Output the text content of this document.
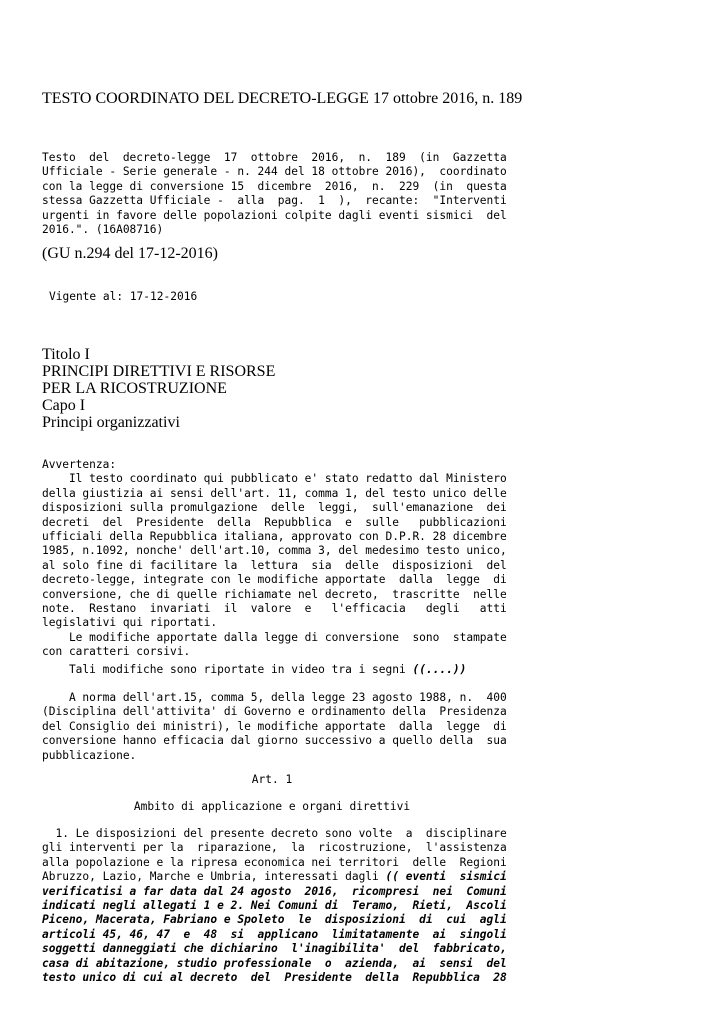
TESTO COORDINATO DEL DECRETO-LEGGE 17 ottobre 2016, n. 189
Testo  del  decreto-legge  17  ottobre  2016,  n.  189  (in  Gazzetta
Ufficiale - Serie generale - n. 244 del 18 ottobre 2016),  coordinato
con la legge di conversione 15  dicembre  2016,  n.  229  (in  questa
stessa Gazzetta Ufficiale -  alla  pag.  1  ),  recante:  "Interventi
urgenti in favore delle popolazioni colpite dagli eventi sismici  del
2016.". (16A08716)
(GU n.294 del 17-12-2016)
Vigente al: 17-12-2016
Titolo I
PRINCIPI DIRETTIVI E RISORSE
PER LA RICOSTRUZIONE
Capo I
Principi organizzativi
Avvertenza:
Il testo coordinato qui pubblicato e' stato redatto dal Ministero
della giustizia ai sensi dell'art. 11, comma 1, del testo unico delle
disposizioni sulla promulgazione  delle  leggi,  sull'emanazione  dei
decreti  del  Presidente  della  Repubblica  e  sulle   pubblicazioni
ufficiali della Repubblica italiana, approvato con D.P.R. 28 dicembre
1985, n.1092, nonche' dell'art.10, comma 3, del medesimo testo unico,
al solo fine di facilitare la  lettura  sia  delle  disposizioni  del
decreto-legge, integrate con le modifiche apportate  dalla  legge  di
conversione, che di quelle richiamate nel decreto,  trascritte  nelle
note.  Restano  invariati  il  valore  e   l'efficacia   degli   atti
legislativi qui riportati.
Le modifiche apportate dalla legge di conversione  sono  stampate
con caratteri corsivi.
Tali modifiche sono riportate in video tra i segni ((....))
A norma dell'art.15, comma 5, della legge 23 agosto 1988, n.  400
(Disciplina dell'attivita' di Governo e ordinamento della  Presidenza
del Consiglio dei ministri), le modifiche apportate  dalla  legge  di
conversione hanno efficacia dal giorno successivo a quello della  sua
pubblicazione.
Art. 1
Ambito di applicazione e organi direttivi
1. Le disposizioni del presente decreto sono volte  a  disciplinare
gli interventi per la  riparazione,  la  ricostruzione,  l'assistenza
alla popolazione e la ripresa economica nei territori  delle  Regioni
Abruzzo, Lazio, Marche e Umbria, interessati dagli (( eventi  sismici
verificatisi a far data dal 24 agosto  2016,  ricompresi  nei  Comuni
indicati negli allegati 1 e 2. Nei Comuni di  Teramo,  Rieti,  Ascoli
Piceno, Macerata, Fabriano e Spoleto  le  disposizioni  di  cui  agli
articoli 45, 46, 47  e  48  si  applicano  limitatamente  ai  singoli
soggetti danneggiati che dichiarino  l'inagibilita'  del  fabbricato,
casa di abitazione, studio professionale  o  azienda,  ai  sensi  del
testo unico di cui al decreto  del  Presidente  della  Repubblica  28
